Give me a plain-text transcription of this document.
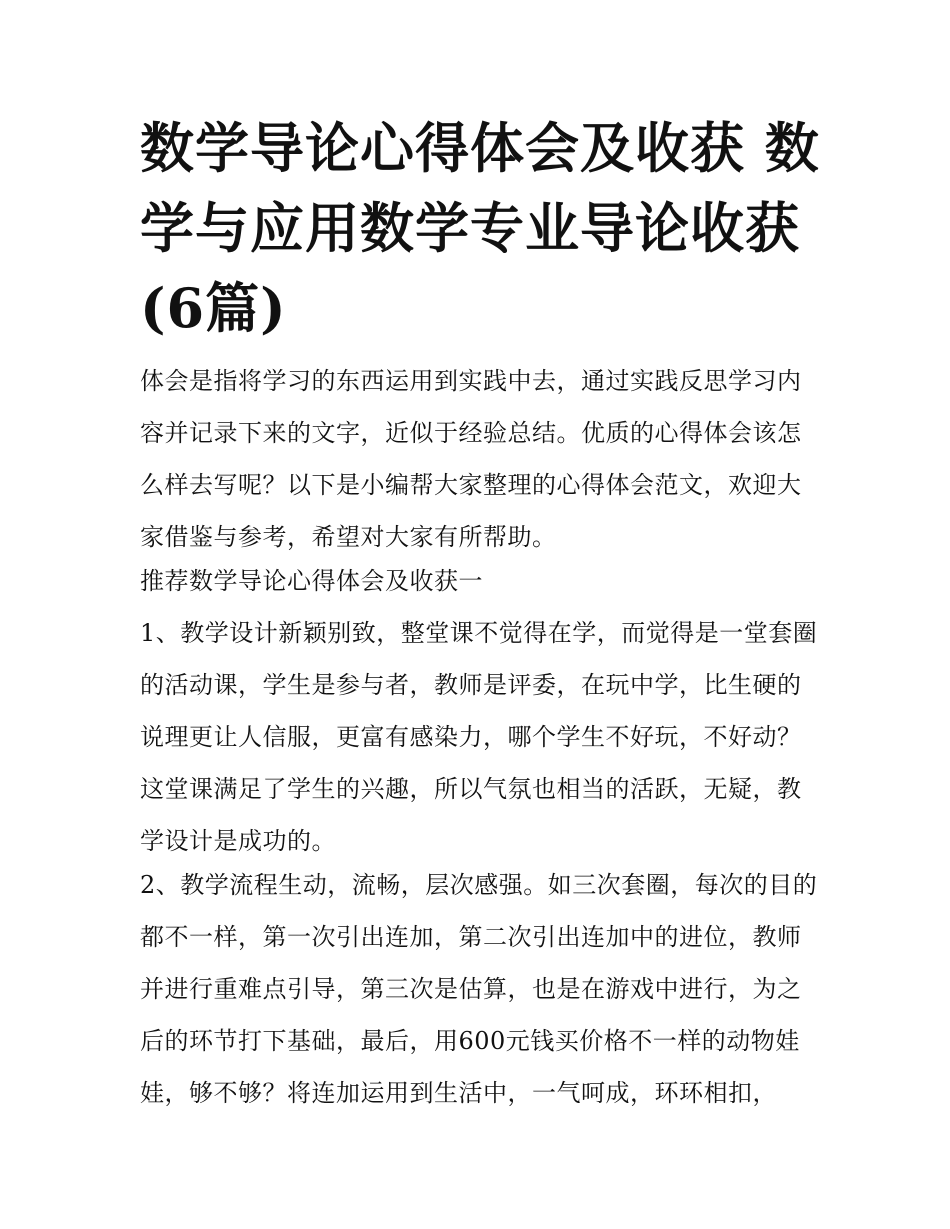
数学导论心得体会及收获 数学与应用数学专业导论收获(6篇)

体会是指将学习的东西运用到实践中去，通过实践反思学习内容并记录下来的文字，近似于经验总结。优质的心得体会该怎么样去写呢？以下是小编帮大家整理的心得体会范文，欢迎大家借鉴与参考，希望对大家有所帮助。

推荐数学导论心得体会及收获一

1、教学设计新颖别致，整堂课不觉得在学，而觉得是一堂套圈的活动课，学生是参与者，教师是评委，在玩中学，比生硬的说理更让人信服，更富有感染力，哪个学生不好玩，不好动？这堂课满足了学生的兴趣，所以气氛也相当的活跃，无疑，教学设计是成功的。

2、教学流程生动，流畅，层次感强。如三次套圈，每次的目的都不一样，第一次引出连加，第二次引出连加中的进位，教师并进行重难点引导，第三次是估算，也是在游戏中进行，为之后的环节打下基础，最后，用600元钱买价格不一样的动物娃娃，够不够？将连加运用到生活中，一气呵成，环环相扣，
